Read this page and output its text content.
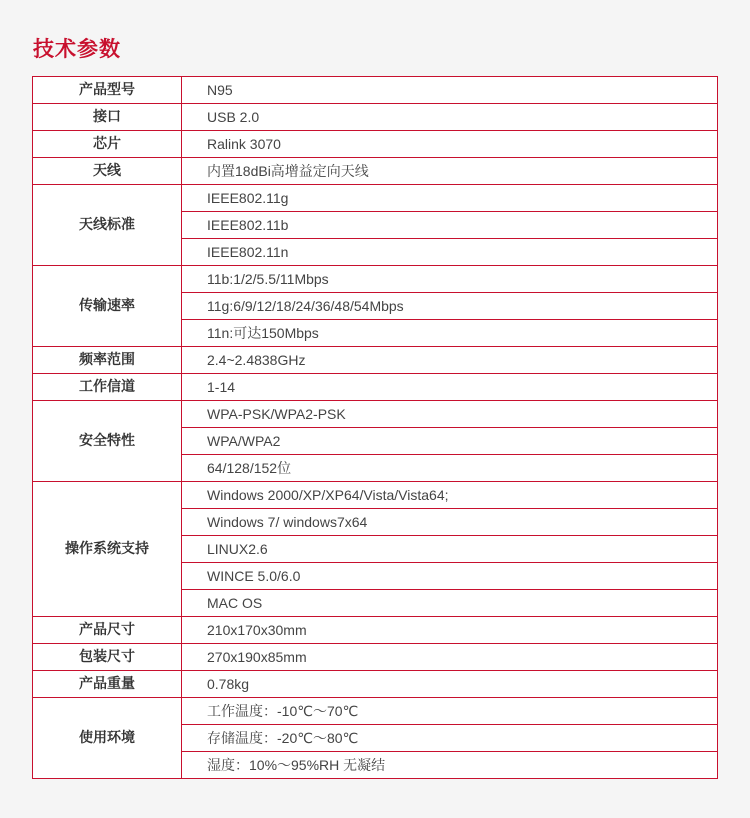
技术参数
产品型号	N95
接口	USB 2.0
芯片	Ralink 3070
天线	内置18dBi高增益定向天线
天线标准	IEEE802.11g
	IEEE802.11b
	IEEE802.11n
传输速率	11b:1/2/5.5/11Mbps
	11g:6/9/12/18/24/36/48/54Mbps
	11n:可达150Mbps
频率范围	2.4~2.4838GHz
工作信道	1-14
安全特性	WPA-PSK/WPA2-PSK
	WPA/WPA2
	64/128/152位
操作系统支持	Windows 2000/XP/XP64/Vista/Vista64;
	Windows 7/ windows7x64
	LINUX2.6
	WINCE 5.0/6.0
	MAC OS
产品尺寸	210x170x30mm
包装尺寸	270x190x85mm
产品重量	0.78kg
使用环境	工作温度：-10℃～70℃
	存储温度：-20℃～80℃
	湿度：10%～95%RH 无凝结
